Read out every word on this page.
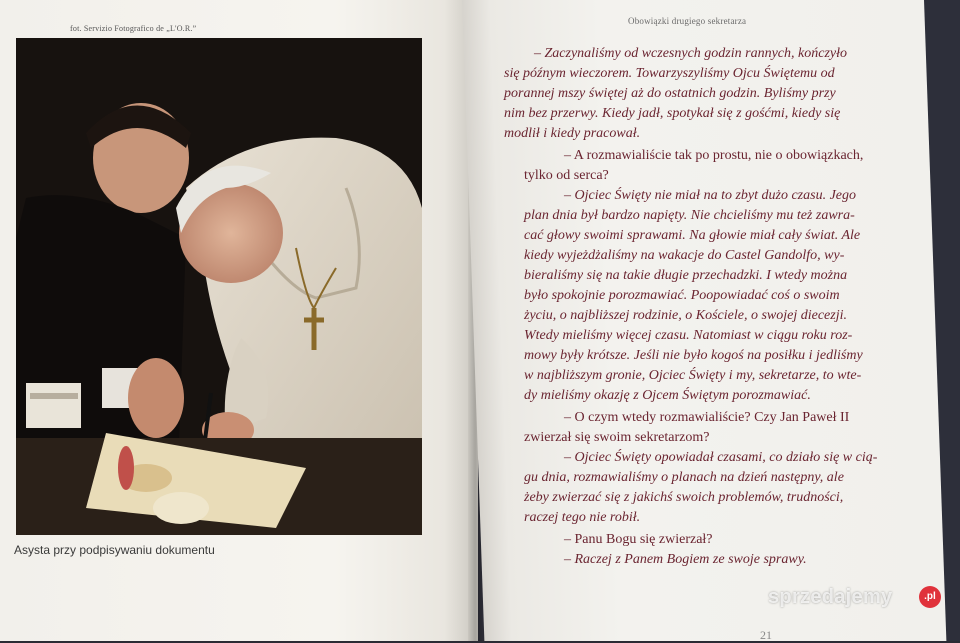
fot. Servizio Fotografico de „L'O.R.”
Asysta przy podpisywaniu dokumentu
Obowiązki drugiego sekretarza
– Zaczynaliśmy od wczesnych godzin rannych, kończyło
się późnym wieczorem. Towarzyszyliśmy Ojcu Świętemu od
porannej mszy świętej aż do ostatnich godzin. Byliśmy przy
nim bez przerwy. Kiedy jadł, spotykał się z gośćmi, kiedy się
modlił i kiedy pracował.
– A rozmawialiście tak po prostu, nie o obowiązkach,
tylko od serca?
– Ojciec Święty nie miał na to zbyt dużo czasu. Jego
plan dnia był bardzo napięty. Nie chcieliśmy mu też zawra-
cać głowy swoimi sprawami. Na głowie miał cały świat. Ale
kiedy wyjeżdżaliśmy na wakacje do Castel Gandolfo, wy-
bieraliśmy się na takie długie przechadzki. I wtedy można
było spokojnie porozmawiać. Poopowiadać coś o swoim
życiu, o najbliższej rodzinie, o Kościele, o swojej diecezji.
Wtedy mieliśmy więcej czasu. Natomiast w ciągu roku roz-
mowy były krótsze. Jeśli nie było kogoś na posiłku i jedliśmy
w najbliższym gronie, Ojciec Święty i my, sekretarze, to wte-
dy mieliśmy okazję z Ojcem Świętym porozmawiać.
– O czym wtedy rozmawialiście? Czy Jan Paweł II
zwierzał się swoim sekretarzom?
– Ojciec Święty opowiadał czasami, co działo się w cią-
gu dnia, rozmawialiśmy o planach na dzień następny, ale
żeby zwierzać się z jakichś swoich problemów, trudności,
raczej tego nie robił.
– Panu Bogu się zwierzał?
– Raczej z Panem Bogiem ze swoje sprawy.
sprzedajemy	.pl
21
